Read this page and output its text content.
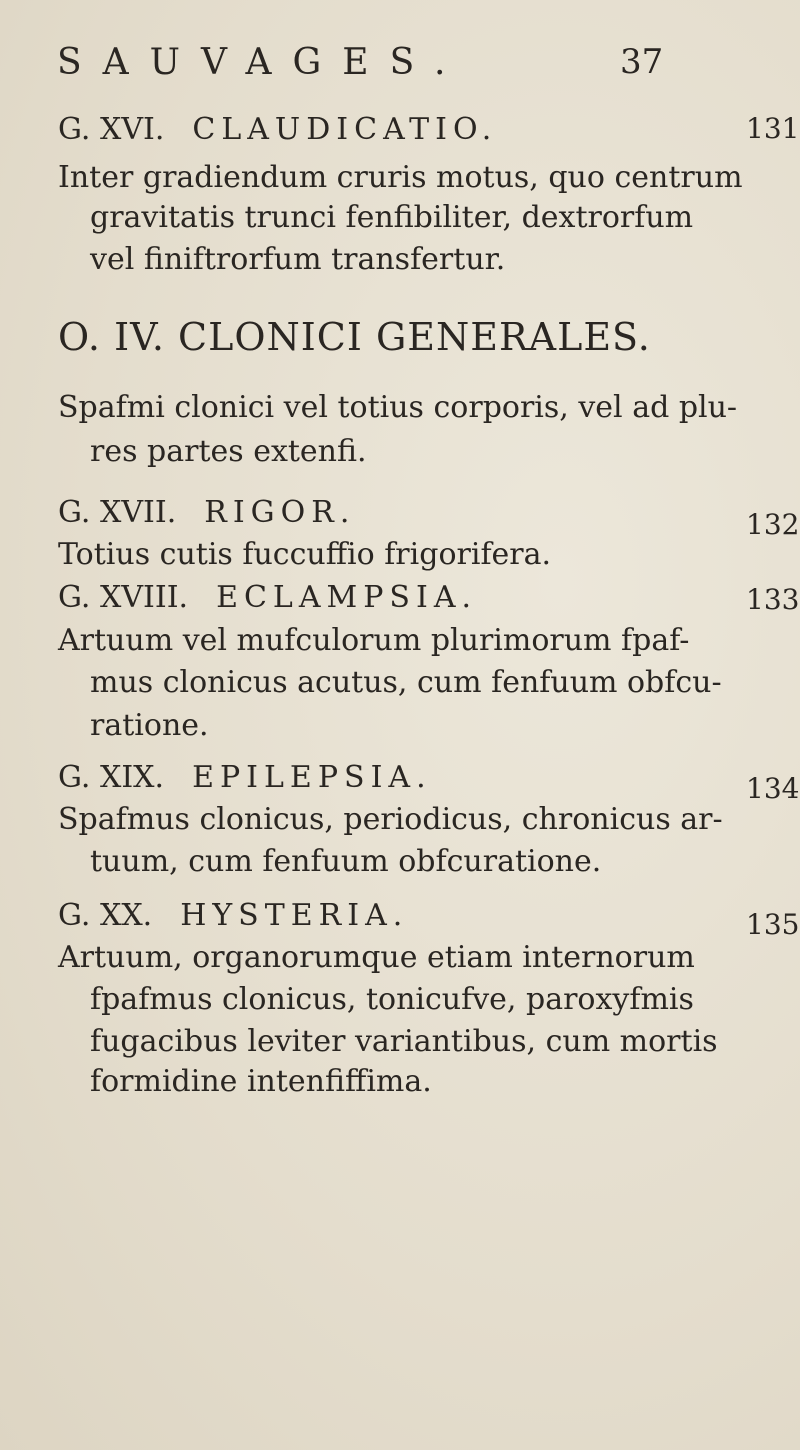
SAUVAGES.	37
G. XVI. CLAUDICATIO.	131
Inter gradiendum cruris motus, quo centrum
gravitatis trunci fenfibiliter, dextrorfum
vel finiftrorfum transfertur.
O. IV. CLONICI GENERALES.
Spafmi clonici vel totius corporis, vel ad plu-
res partes extenfi.
G. XVII. RIGOR.	132
Totius cutis fuccuffio frigorifera.
G. XVIII. ECLAMPSIA.	133
Artuum vel mufculorum plurimorum fpaf-
mus clonicus acutus, cum fenfuum obfcu-
ratione.
G. XIX. EPILEPSIA.	134
Spafmus clonicus, periodicus, chronicus ar-
tuum, cum fenfuum obfcuratione.
G. XX. HYSTERIA.	135
Artuum, organorumque etiam internorum
fpafmus clonicus, tonicufve, paroxyfmis
fugacibus leviter variantibus, cum mortis
formidine intenfiffima.
